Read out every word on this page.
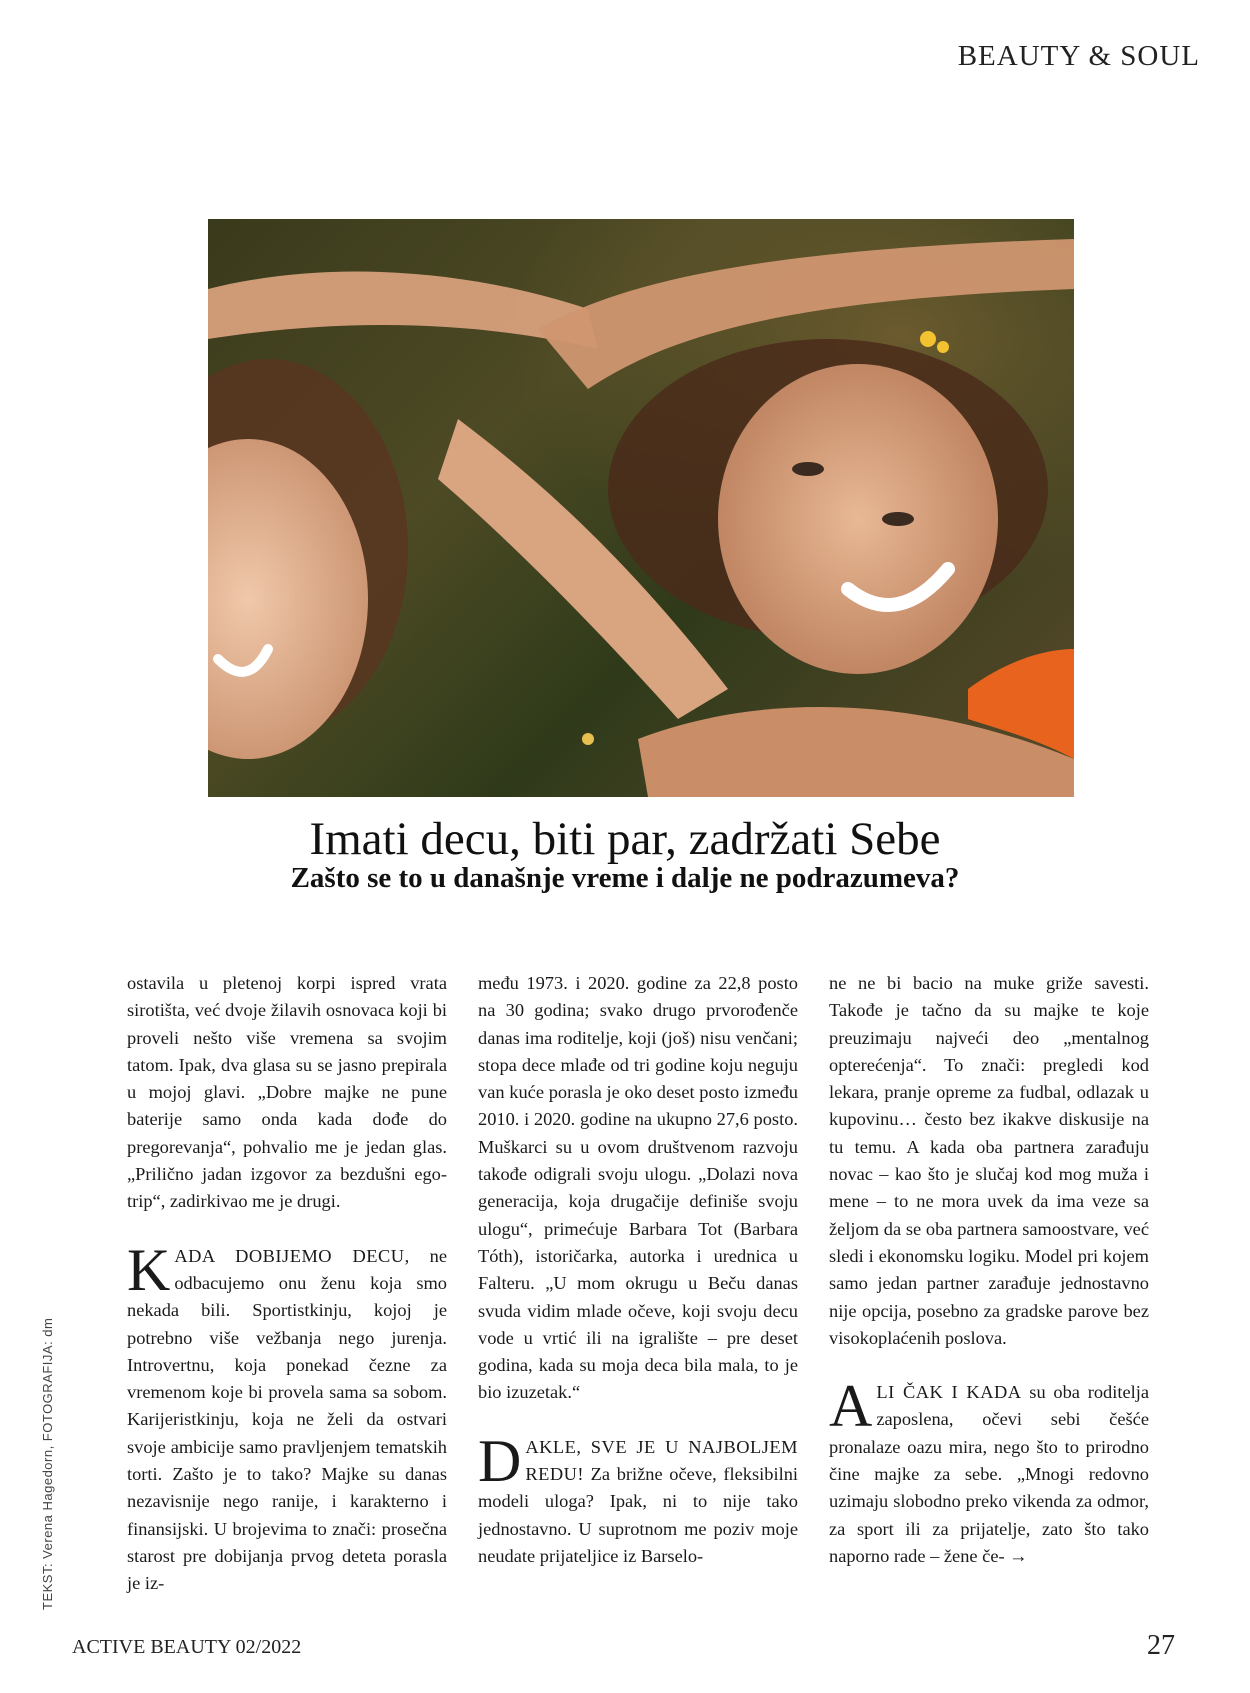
BEAUTY & SOUL
Imati decu, biti par, zadržati Sebe
Zašto se to u današnje vreme i dalje ne podrazumeva?

ostavila u pletenoj korpi ispred vrata sirotišta, već dvoje žilavih osnovaca koji bi proveli nešto više vremena sa svojim tatom. Ipak, dva glasa su se jasno prepirala u mojoj glavi. „Dobre majke ne pune baterije samo onda kada dođe do pregorevanja“, pohvalio me je jedan glas. „Prilično jadan izgovor za bezdušni ego-trip“, zadirkivao me je drugi.

KADA DOBIJEMO DECU, ne odbacujemo onu ženu koja smo nekada bili. Sportistkinju, kojoj je potrebno više vežbanja nego jurenja. Introvertnu, koja ponekad čezne za vremenom koje bi provela sama sa sobom. Karijeristkinju, koja ne želi da ostvari svoje ambicije samo pravljenjem tematskih torti. Zašto je to tako? Majke su danas nezavisnije nego ranije, i karakterno i finansijski. U brojevima to znači: prosečna starost pre dobijanja prvog deteta porasla je iz-

među 1973. i 2020. godine za 22,8 posto na 30 godina; svako drugo prvorođenče danas ima roditelje, koji (još) nisu venčani; stopa dece mlađe od tri godine koju neguju van kuće porasla je oko deset posto između 2010. i 2020. godine na ukupno 27,6 posto. Muškarci su u ovom društvenom razvoju takođe odigrali svoju ulogu. „Dolazi nova generacija, koja drugačije definiše svoju ulogu“, primećuje Barbara Tot (Barbara Tóth), istoričarka, autorka i urednica u Falteru. „U mom okrugu u Beču danas svuda vidim mlade očeve, koji svoju decu vode u vrtić ili na igralište – pre deset godina, kada su moja deca bila mala, to je bio izuzetak.“

DAKLE, SVE JE U NAJBOLJEM REDU! Za brižne očeve, fleksibilni modeli uloga? Ipak, ni to nije tako jednostavno. U suprotnom me poziv moje neudate prijateljice iz Barselo-

ne ne bi bacio na muke griže savesti. Takođe je tačno da su majke te koje preuzimaju najveći deo „mentalnog opterećenja“. To znači: pregledi kod lekara, pranje opreme za fudbal, odlazak u kupovinu… često bez ikakve diskusije na tu temu. A kada oba partnera zarađuju novac – kao što je slučaj kod mog muža i mene – to ne mora uvek da ima veze sa željom da se oba partnera samoostvare, već sledi i ekonomsku logiku. Model pri kojem samo jedan partner zarađuje jednostavno nije opcija, posebno za gradske parove bez visokoplaćenih poslova.

ALI ČAK I KADA su oba roditelja zaposlena, očevi sebi češće pronalaze oazu mira, nego što to prirodno čine majke za sebe. „Mnogi redovno uzimaju slobodno preko vikenda za odmor, za sport ili za prijatelje, zato što tako naporno rade – žene če- →

TEKST: Verena Hagedorn, FOTOGRAFIJA: dm
ACTIVE BEAUTY 02/2022	27
